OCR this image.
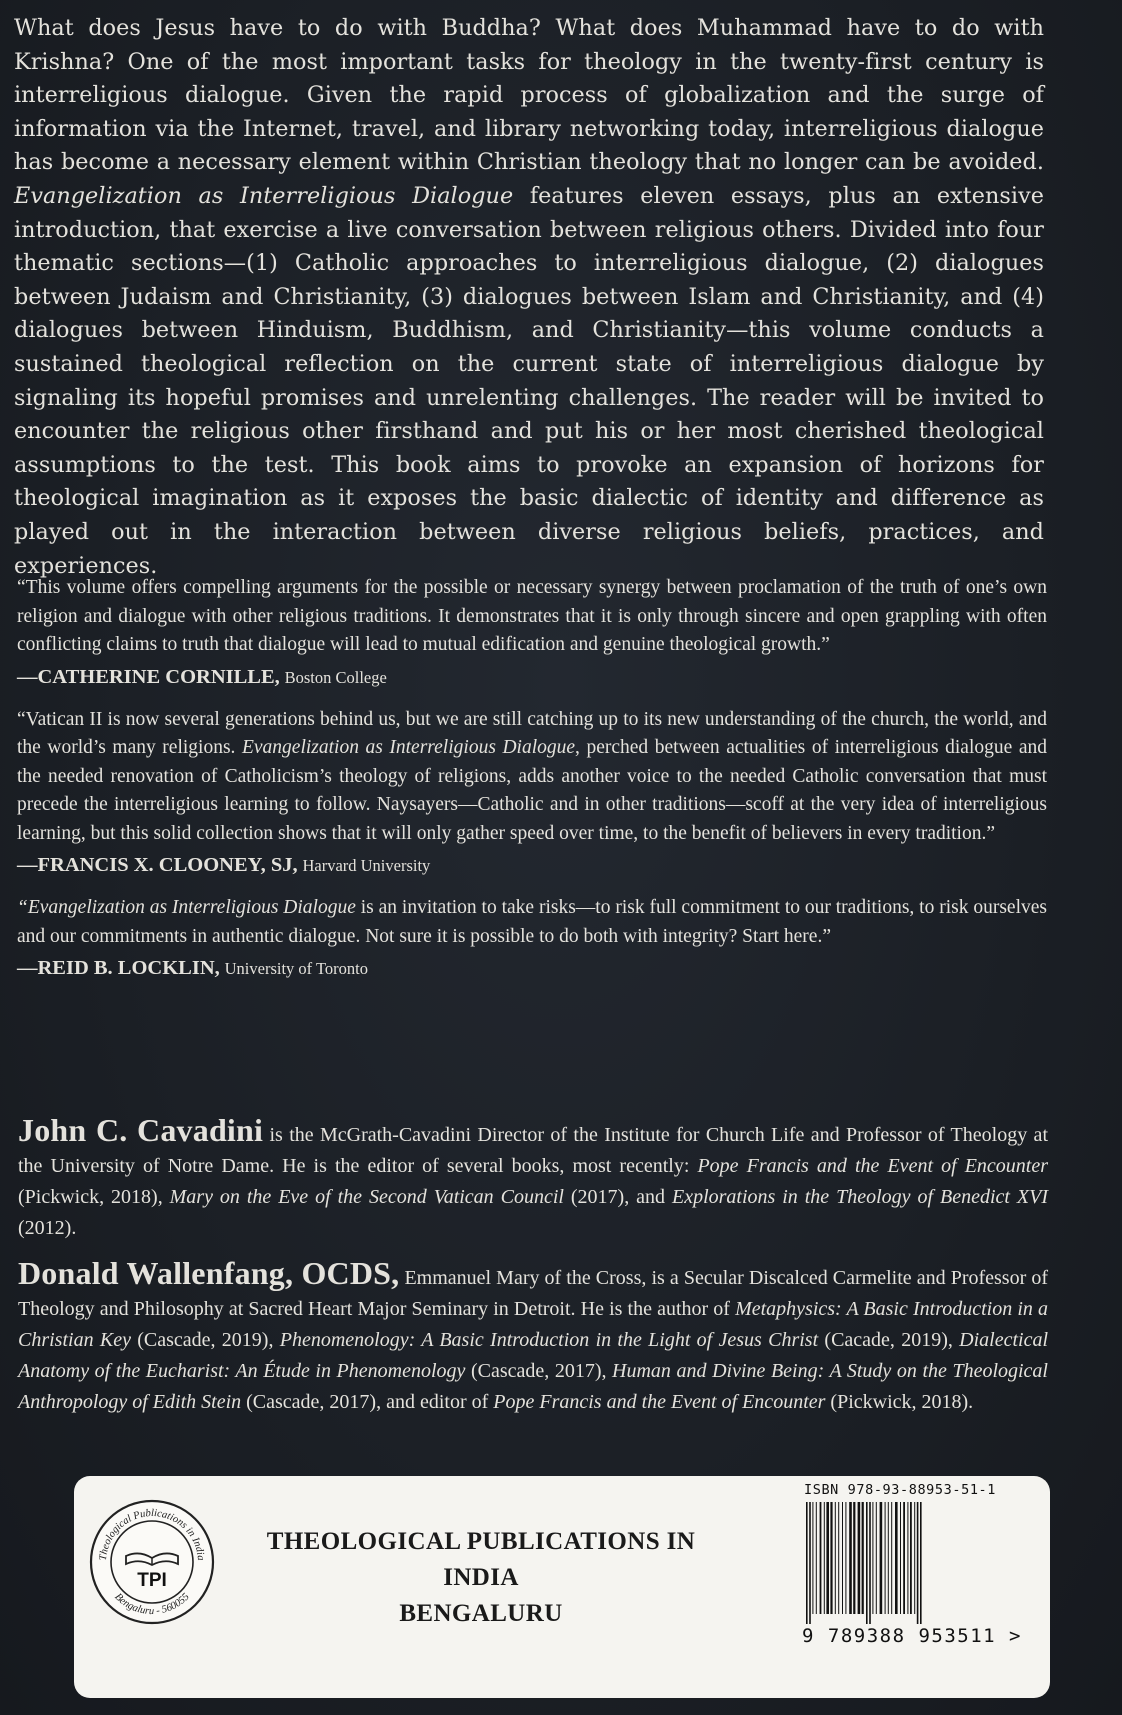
What does Jesus have to do with Buddha? What does Muhammad have to do with Krishna? One of the most important tasks for theology in the twenty-first century is interreligious dialogue. Given the rapid process of globalization and the surge of information via the Internet, travel, and library networking today, interreligious dialogue has become a necessary element within Christian theology that no longer can be avoided. Evangelization as Interreligious Dialogue features eleven essays, plus an extensive introduction, that exercise a live conversation between religious others. Divided into four thematic sections—(1) Catholic approaches to interreligious dialogue, (2) dialogues between Judaism and Christianity, (3) dialogues between Islam and Christianity, and (4) dialogues between Hinduism, Buddhism, and Christianity—this volume conducts a sustained theological reflection on the current state of interreligious dialogue by signaling its hopeful promises and unrelenting challenges. The reader will be invited to encounter the religious other firsthand and put his or her most cherished theological assumptions to the test. This book aims to provoke an expansion of horizons for theological imagination as it exposes the basic dialectic of identity and difference as played out in the interaction between diverse religious beliefs, practices, and experiences.

“This volume offers compelling arguments for the possible or necessary synergy between proclamation of the truth of one’s own religion and dialogue with other religious traditions. It demonstrates that it is only through sincere and open grappling with often conflicting claims to truth that dialogue will lead to mutual edification and genuine theological growth.”

—CATHERINE CORNILLE, Boston College

“Vatican II is now several generations behind us, but we are still catching up to its new understanding of the church, the world, and the world’s many religions. Evangelization as Interreligious Dialogue, perched between actualities of interreligious dialogue and the needed renovation of Catholicism’s theology of religions, adds another voice to the needed Catholic conversation that must precede the interreligious learning to follow. Naysayers—Catholic and in other traditions—scoff at the very idea of interreligious learning, but this solid collection shows that it will only gather speed over time, to the benefit of believers in every tradition.”

—FRANCIS X. CLOONEY, SJ, Harvard University

“Evangelization as Interreligious Dialogue is an invitation to take risks—to risk full commitment to our traditions, to risk ourselves and our commitments in authentic dialogue. Not sure it is possible to do both with integrity? Start here.”

—REID B. LOCKLIN, University of Toronto

John C. Cavadini is the McGrath-Cavadini Director of the Institute for Church Life and Professor of Theology at the University of Notre Dame. He is the editor of several books, most recently: Pope Francis and the Event of Encounter (Pickwick, 2018), Mary on the Eve of the Second Vatican Council (2017), and Explorations in the Theology of Benedict XVI (2012).

Donald Wallenfang, OCDS, Emmanuel Mary of the Cross, is a Secular Discalced Carmelite and Professor of Theology and Philosophy at Sacred Heart Major Seminary in Detroit. He is the author of Metaphysics: A Basic Introduction in a Christian Key (Cascade, 2019), Phenomenology: A Basic Introduction in the Light of Jesus Christ (Cacade, 2019), Dialectical Anatomy of the Eucharist: An Étude in Phenomenology (Cascade, 2017), Human and Divine Being: A Study on the Theological Anthropology of Edith Stein (Cascade, 2017), and editor of Pope Francis and the Event of Encounter (Pickwick, 2018).

Theological Publications in India
Bengaluru - 560055
TPI
THEOLOGICAL PUBLICATIONS IN INDIA
BENGALURU
ISBN 978-93-88953-51-1
9 789388 953511 >
